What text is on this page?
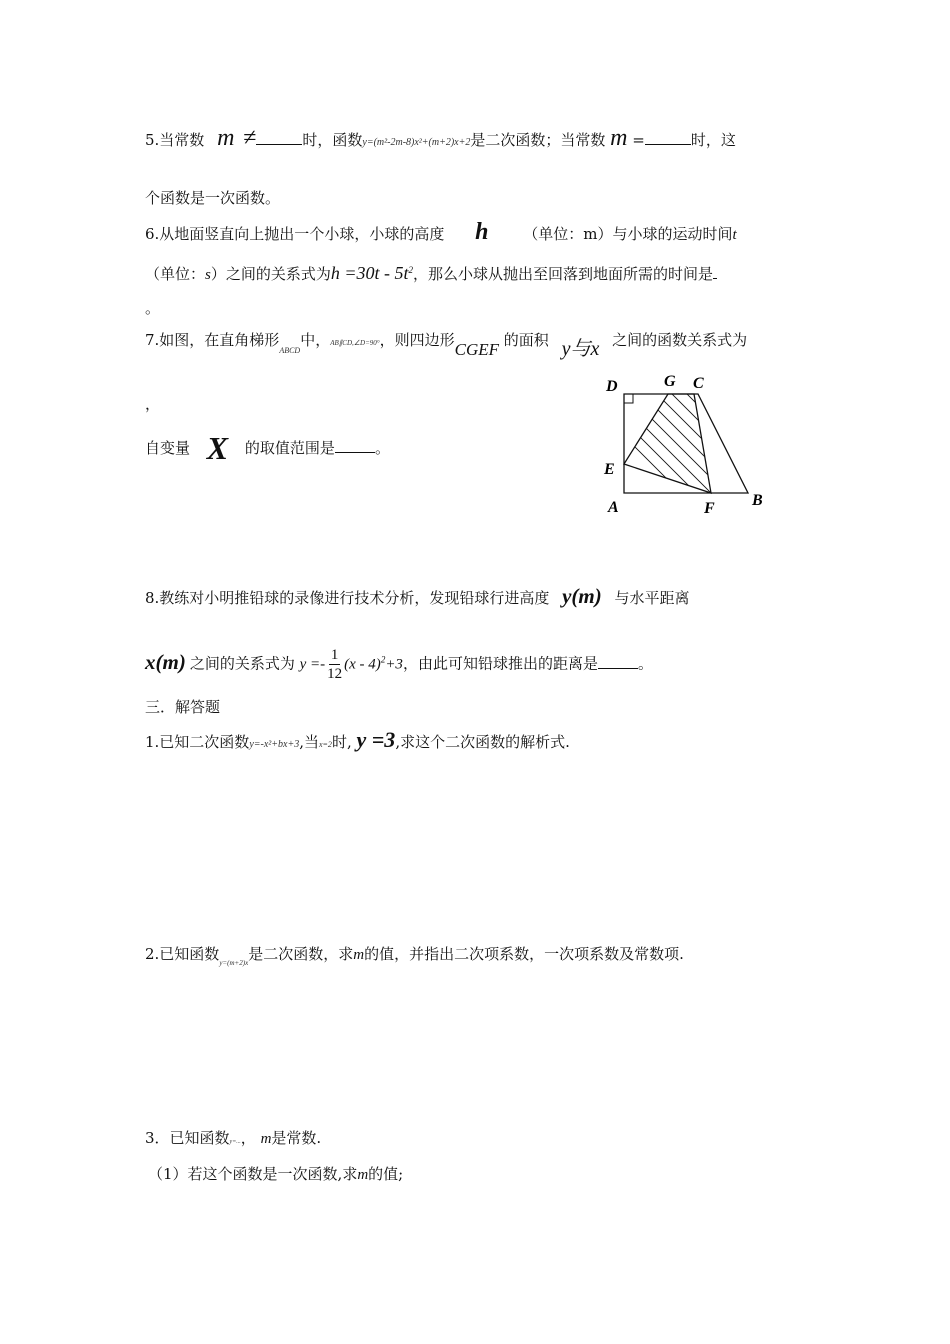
5.当常数 m ≠	时，函数y=(m²-2m-8)x²+(m+2)x+2是二次函数；当常数 m =	时，这
个函数是一次函数。
6.从地面竖直向上抛出一个小球，小球的高度 h （单位：m）与小球的运动时间t
（单位：s）之间的关系式为$h =30t - 5t^2$，那么小球从抛出至回落到地面所需的时间是
。
7.如图，在直角梯形$_{ABCD}$中，AB∥CD,∠D=90°，则四边形CGEF 的面积 y与x 之间的函数关系式为
，
自变量 X 的取值范围是	。
D	G C
E
A	F B
8.教练对小明推铅球的录像进行技术分析，发现铅球行进高度 y(m) 与水平距离
x(m) 之间的关系式为 $y =- \frac{1}{12} (x - 4)^2+3$，由此可知铅球推出的距离是	。
三．解答题
1.已知二次函数y=-x²+bx+3,当x=2时, y =3,求这个二次函数的解析式.
2.已知函数$_{y=(m+2)x}$是二次函数，求m的值，并指出二次项系数，一次项系数及常数项.
3．已知函数y=...， m是常数.
（1）若这个函数是一次函数,求m的值;
